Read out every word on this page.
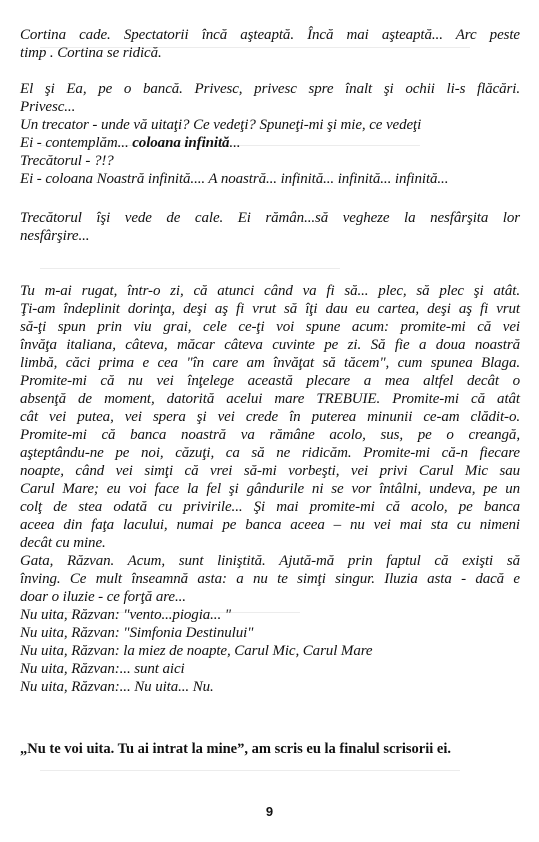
Cortina cade. Spectatorii încă aşteaptă. Încă mai aşteaptă... Arc peste
timp . Cortina se ridică.
El şi Ea, pe o bancă. Privesc, privesc spre înalt şi ochii li-s flăcări.
Privesc...
Un trecator - unde vă uitaţi? Ce vedeţi? Spuneţi-mi şi mie, ce vedeţi
Ei - contemplăm... coloana infinită...
Trecătorul - ?!?
Ei - coloana Noastră infinită.... A noastră... infinită... infinită... infinită...
Trecătorul îşi vede de cale. Ei rămân...să vegheze la nesfârşita lor
nesfârşire...
Tu m-ai rugat, într-o zi, că atunci când va fi să... plec, să plec şi atât.
Ţi-am îndeplinit dorinţa, deşi aş fi vrut să îţi dau eu cartea, deşi aş fi vrut
să-ţi spun prin viu grai, cele ce-ţi voi spune acum: promite-mi că vei
învăţa italiana, câteva, măcar câteva cuvinte pe zi. Să fie a doua noastră
limbă, căci prima e cea "în care am învăţat să tăcem", cum spunea Blaga.
Promite-mi că nu vei înţelege această plecare a mea altfel decât o
absenţă de moment, datorită acelui mare TREBUIE. Promite-mi că atât
cât vei putea, vei spera şi vei crede în puterea minunii ce-am clădit-o.
Promite-mi că banca noastră va rămâne acolo, sus, pe o creangă,
aşteptându-ne pe noi, căzuţi, ca să ne ridicăm. Promite-mi că-n fiecare
noapte, când vei simţi că vrei să-mi vorbeşti, vei privi Carul Mic sau
Carul Mare; eu voi face la fel şi gândurile ni se vor întâlni, undeva, pe un
colţ de stea odată cu privirile... Şi mai promite-mi că acolo, pe banca
aceea din faţa lacului, numai pe banca aceea – nu vei mai sta cu nimeni
decât cu mine.
Gata, Răzvan. Acum, sunt liniştită. Ajută-mă prin faptul că exişti să
înving. Ce mult înseamnă asta: a nu te simţi singur. Iluzia asta - dacă e
doar o iluzie - ce forţă are...
Nu uita, Răzvan: "vento...piogia... "
Nu uita, Răzvan: "Simfonia Destinului"
Nu uita, Răzvan: la miez de noapte, Carul Mic, Carul Mare
Nu uita, Răzvan:... sunt aici
Nu uita, Răzvan:... Nu uita... Nu.
„Nu te voi uita. Tu ai intrat la mine”, am scris eu la finalul scrisorii ei.
9
